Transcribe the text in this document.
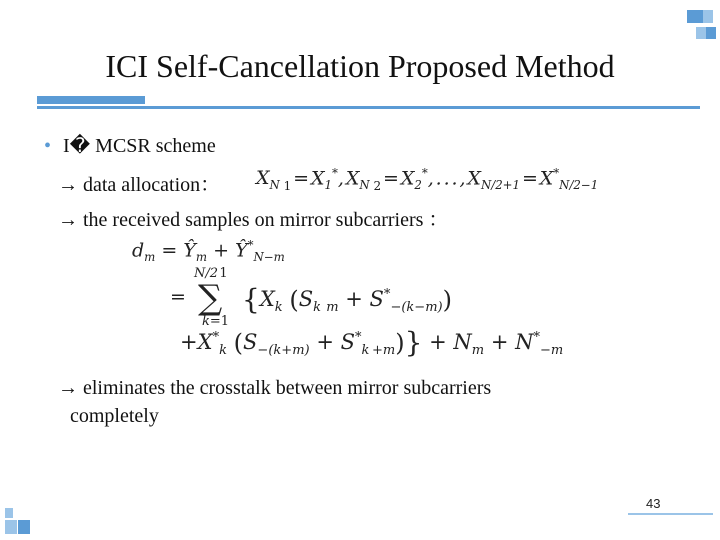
ICI Self-Cancellation Proposed Method
• I� MCSR scheme
→ data allocation： $X_N$  $_1$  = $X_1^*$, $X_N$  $_2$  = $X_2^*$, . . . , $X_{N/2+1}$  = $X^*_{N/2-1}$
→ the received samples on mirror subcarriers ：
$d_m$ = $Ŷ_m$ + $Ŷ^*_{N-m}$
N/2 1
= ∑
k=1
{$X_k$ $(S_{k m} + S^*_{-(k-m)})$
$+X^*_k$ $(S_{-(k+m)} + S^*_{k +m})\} + N_m + N^*_{-m}$
→ eliminates the crosstalk between mirror subcarriers
completely
43
